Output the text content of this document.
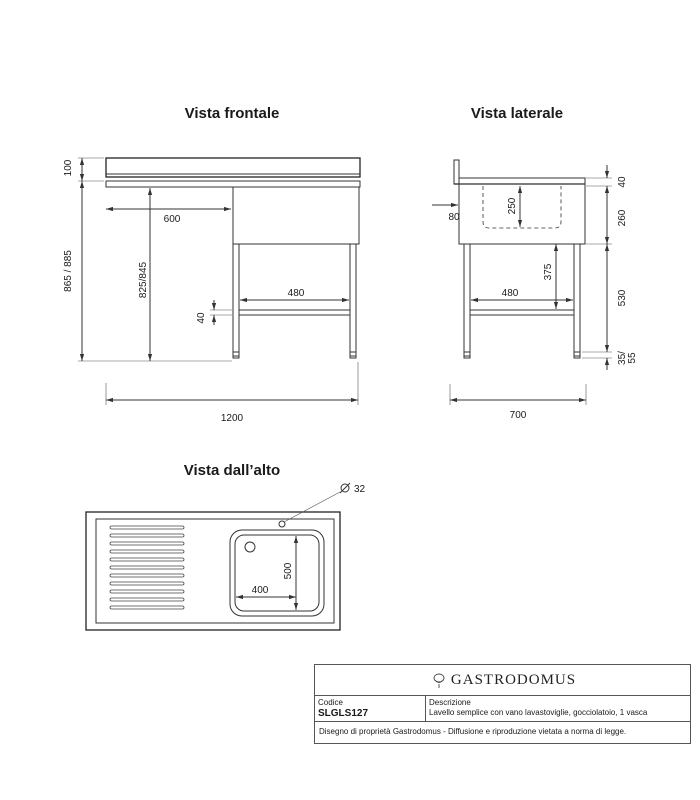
Vista frontale	Vista laterale
Vista dall’alto
100
865 / 885
600
825/845
40
480
1200
80
250
375
480
40
260
530
35/55
700
32
500
400
GASTRODOMUS
Codice
SLGLS127
Descrizione
Lavello semplice con vano lavastoviglie, gocciolatoio, 1 vasca
Disegno di proprietà Gastrodomus - Diffusione e riproduzione vietata a norma di legge.
